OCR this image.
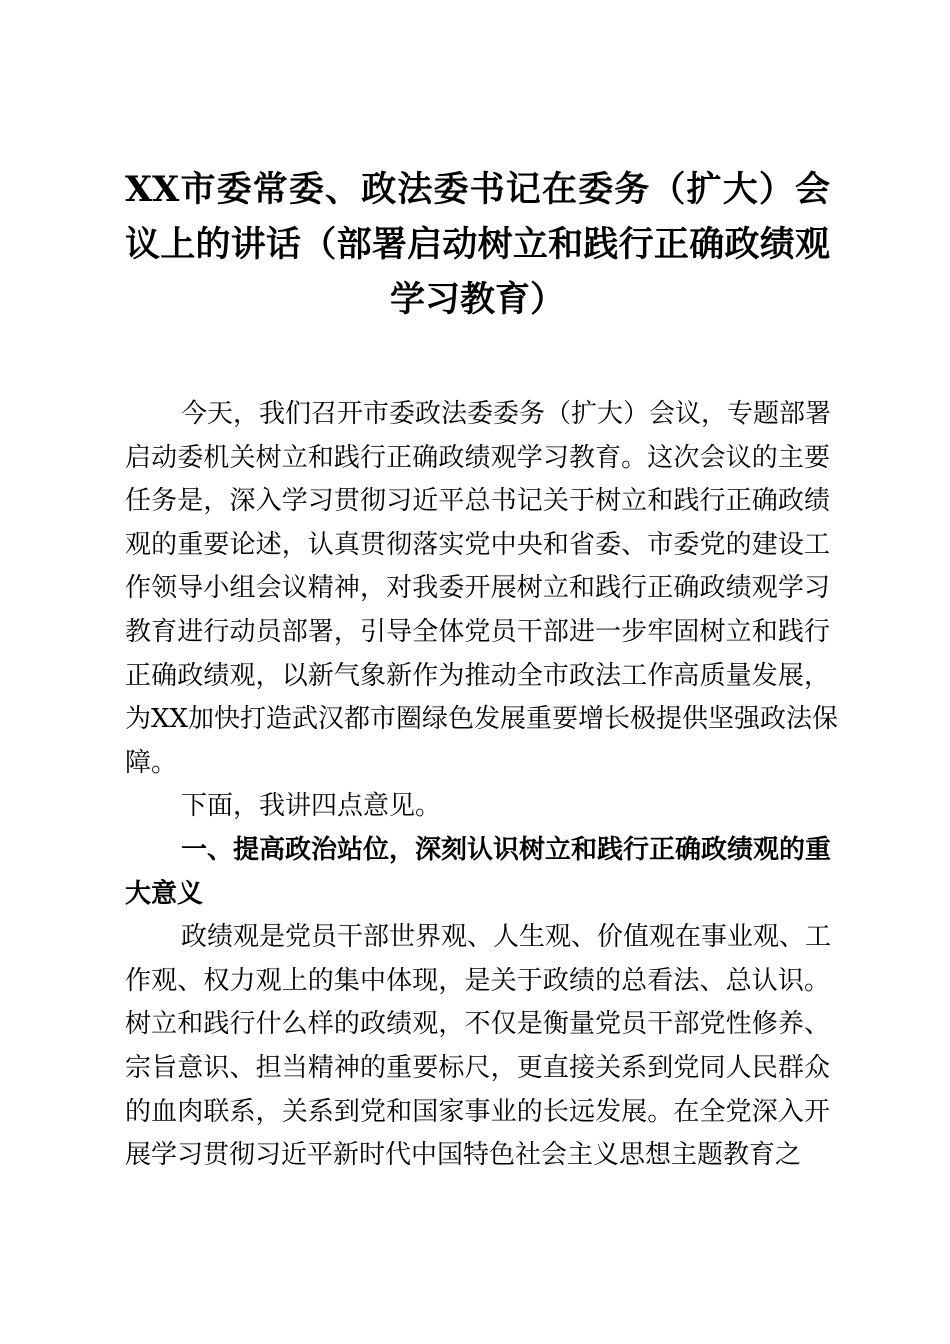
XX市委常委、政法委书记在委务（扩大）会
议上的讲话（部署启动树立和践行正确政绩观
学习教育）
今天，我们召开市委政法委委务（扩大）会议，专题部署
启动委机关树立和践行正确政绩观学习教育。这次会议的主要
任务是，深入学习贯彻习近平总书记关于树立和践行正确政绩
观的重要论述，认真贯彻落实党中央和省委、市委党的建设工
作领导小组会议精神，对我委开展树立和践行正确政绩观学习
教育进行动员部署，引导全体党员干部进一步牢固树立和践行
正确政绩观，以新气象新作为推动全市政法工作高质量发展，
为XX加快打造武汉都市圈绿色发展重要增长极提供坚强政法保
障。
下面，我讲四点意见。
一、提高政治站位，深刻认识树立和践行正确政绩观的重
大意义
政绩观是党员干部世界观、人生观、价值观在事业观、工
作观、权力观上的集中体现，是关于政绩的总看法、总认识。
树立和践行什么样的政绩观，不仅是衡量党员干部党性修养、
宗旨意识、担当精神的重要标尺，更直接关系到党同人民群众
的血肉联系，关系到党和国家事业的长远发展。在全党深入开
展学习贯彻习近平新时代中国特色社会主义思想主题教育之
